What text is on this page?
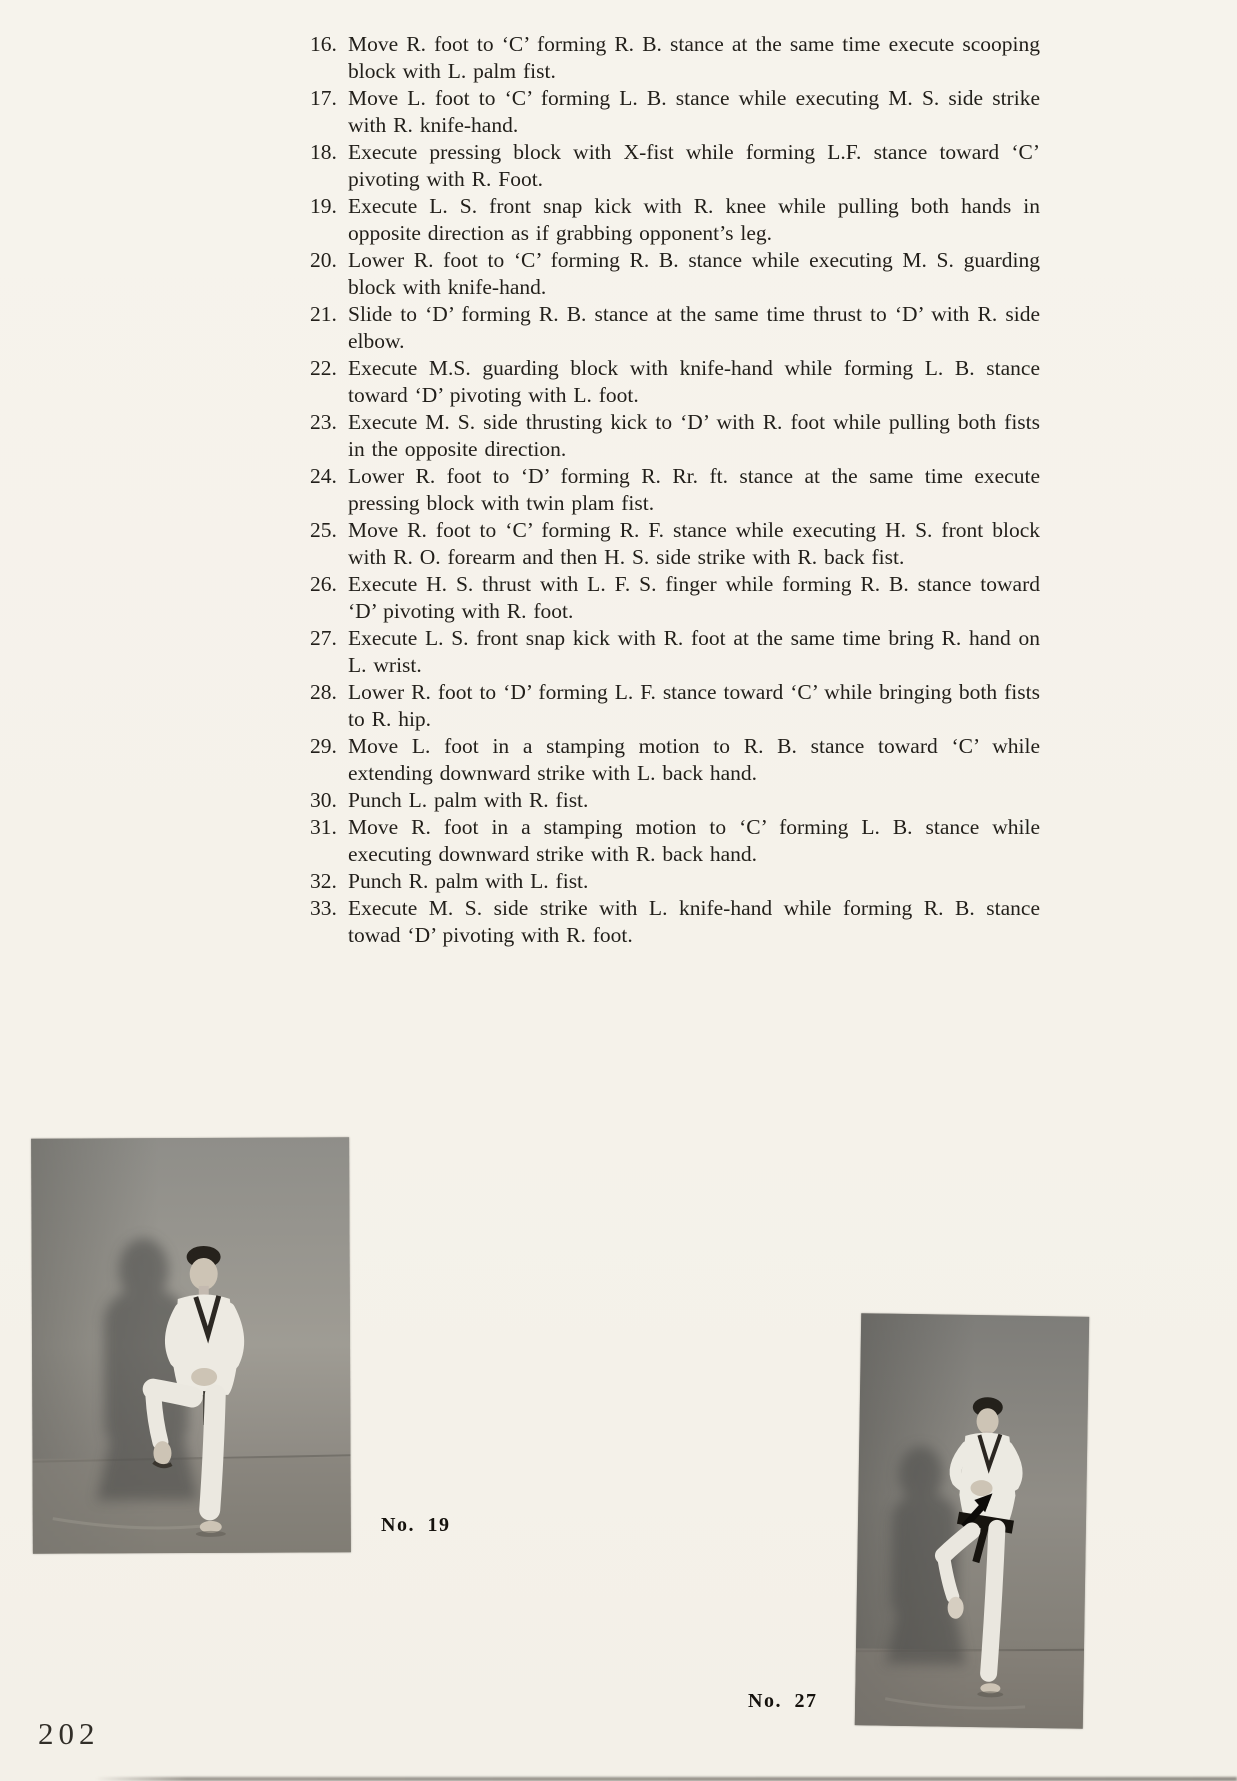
16. Move R. foot to ‘C’ forming R. B. stance at the same time execute scooping block with L. palm fist.
17. Move L. foot to ‘C’ forming L. B. stance while executing M. S. side strike with R. knife-hand.
18. Execute pressing block with X-fist while forming L.F. stance toward ‘C’ pivoting with R. Foot.
19. Execute L. S. front snap kick with R. knee while pulling both hands in opposite direction as if grabbing opponent’s leg.
20. Lower R. foot to ‘C’ forming R. B. stance while executing M. S. guarding block with knife-hand.
21. Slide to ‘D’ forming R. B. stance at the same time thrust to ‘D’ with R. side elbow.
22. Execute M.S. guarding block with knife-hand while forming L. B. stance toward ‘D’ pivoting with L. foot.
23. Execute M. S. side thrusting kick to ‘D’ with R. foot while pulling both fists in the opposite direction.
24. Lower R. foot to ‘D’ forming R. Rr. ft. stance at the same time execute pressing block with twin plam fist.
25. Move R. foot to ‘C’ forming R. F. stance while executing H. S. front block with R. O. forearm and then H. S. side strike with R. back fist.
26. Execute H. S. thrust with L. F. S. finger while forming R. B. stance toward ‘D’ pivoting with R. foot.
27. Execute L. S. front snap kick with R. foot at the same time bring R. hand on L. wrist.
28. Lower R. foot to ‘D’ forming L. F. stance toward ‘C’ while bringing both fists to R. hip.
29. Move L. foot in a stamping motion to R. B. stance toward ‘C’ while extending downward strike with L. back hand.
30. Punch L. palm with R. fist.
31. Move R. foot in a stamping motion to ‘C’ forming L. B. stance while executing downward strike with R. back hand.
32. Punch R. palm with L. fist.
33. Execute M. S. side strike with L. knife-hand while forming R. B. stance towad ‘D’ pivoting with R. foot.
No. 19
No. 27
202
